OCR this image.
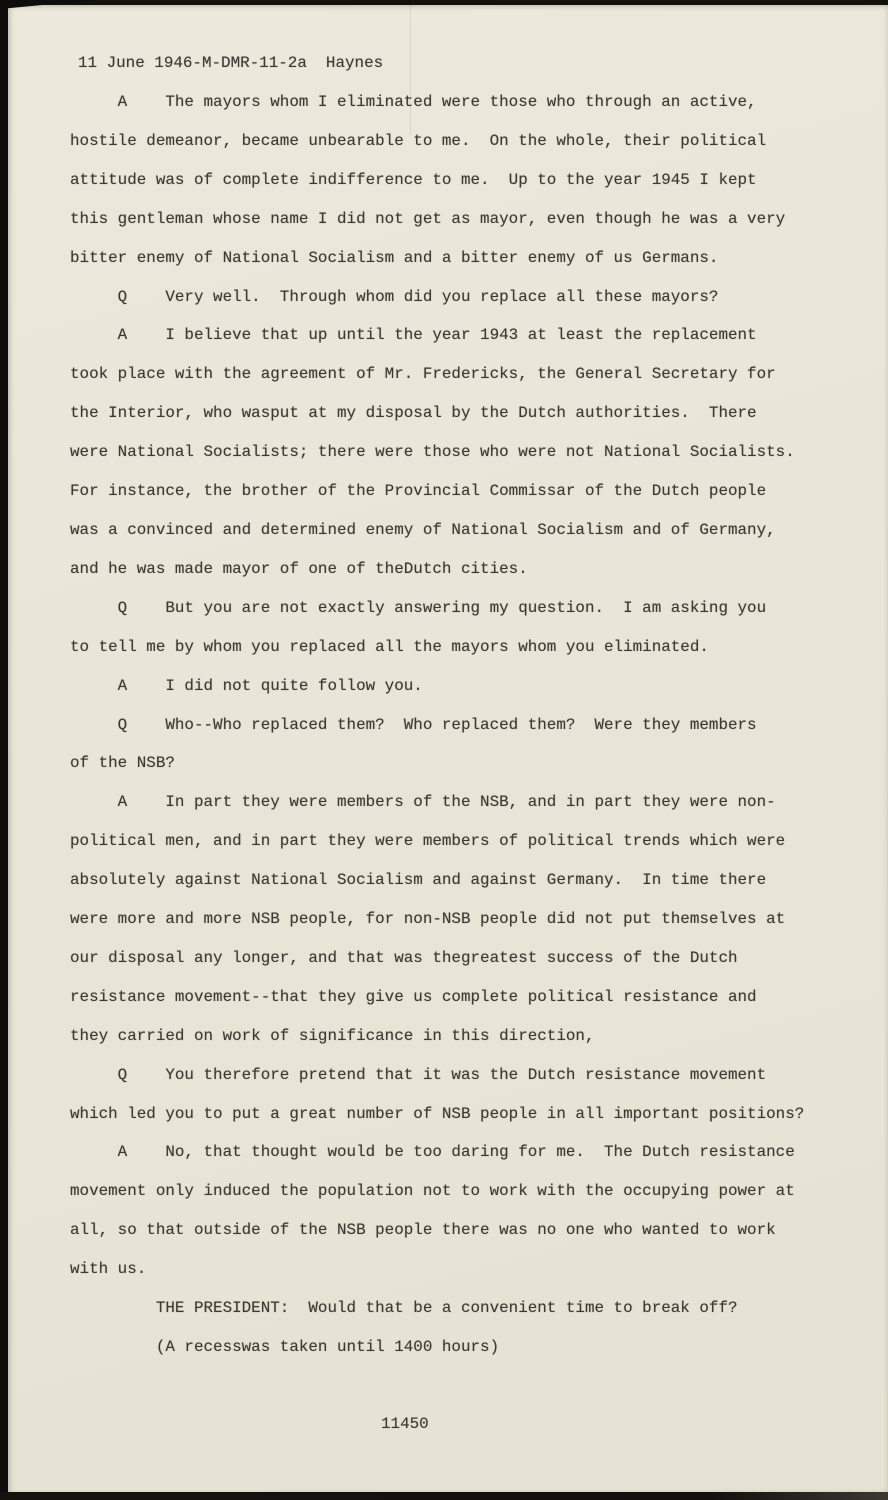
11 June 1946-M-DMR-11-2a  Haynes
A    The mayors whom I eliminated were those who through an active,
hostile demeanor, became unbearable to me.  On the whole, their political
attitude was of complete indifference to me.  Up to the year 1945 I kept
this gentleman whose name I did not get as mayor, even though he was a very
bitter enemy of National Socialism and a bitter enemy of us Germans.
Q    Very well.  Through whom did you replace all these mayors?
A    I believe that up until the year 1943 at least the replacement
took place with the agreement of Mr. Fredericks, the General Secretary for
the Interior, who wasput at my disposal by the Dutch authorities.  There
were National Socialists; there were those who were not National Socialists.
For instance, the brother of the Provincial Commissar of the Dutch people
was a convinced and determined enemy of National Socialism and of Germany,
and he was made mayor of one of theDutch cities.
Q    But you are not exactly answering my question.  I am asking you
to tell me by whom you replaced all the mayors whom you eliminated.
A    I did not quite follow you.
Q    Who--Who replaced them?  Who replaced them?  Were they members
of the NSB?
A    In part they were members of the NSB, and in part they were non-
political men, and in part they were members of political trends which were
absolutely against National Socialism and against Germany.  In time there
were more and more NSB people, for non-NSB people did not put themselves at
our disposal any longer, and that was thegreatest success of the Dutch
resistance movement--that they give us complete political resistance and
they carried on work of significance in this direction,
Q    You therefore pretend that it was the Dutch resistance movement
which led you to put a great number of NSB people in all important positions?
A    No, that thought would be too daring for me.  The Dutch resistance
movement only induced the population not to work with the occupying power at
all, so that outside of the NSB people there was no one who wanted to work
with us.
THE PRESIDENT:  Would that be a convenient time to break off?
(A recesswas taken until 1400 hours)
11450
